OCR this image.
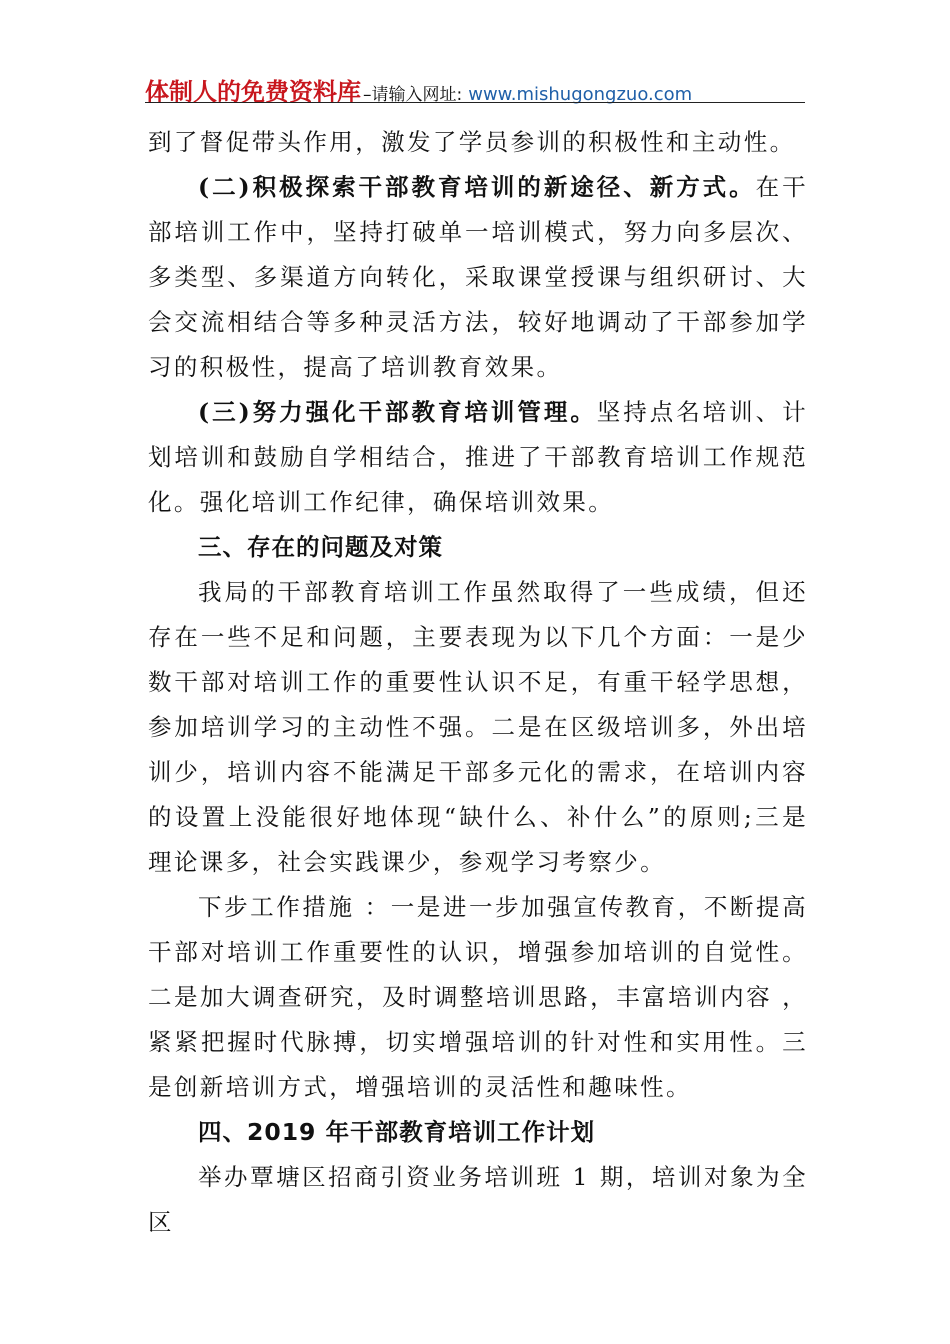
体制人的免费资料库 –请输入网址: www.mishugongzuo.com

到了督促带头作用，激发了学员参训的积极性和主动性。

(二)积极探索干部教育培训的新途径、新方式。在干部培训工作中，坚持打破单一培训模式，努力向多层次、多类型、多渠道方向转化，采取课堂授课与组织研讨、大会交流相结合等多种灵活方法，较好地调动了干部参加学习的积极性，提高了培训教育效果。

(三)努力强化干部教育培训管理。坚持点名培训、计划培训和鼓励自学相结合，推进了干部教育培训工作规范化。强化培训工作纪律，确保培训效果。

三、存在的问题及对策

我局的干部教育培训工作虽然取得了一些成绩，但还存在一些不足和问题，主要表现为以下几个方面：一是少数干部对培训工作的重要性认识不足，有重干轻学思想，参加培训学习的主动性不强。二是在区级培训多，外出培训少，培训内容不能满足干部多元化的需求，在培训内容的设置上没能很好地体现“缺什么、补什么”的原则;三是理论课多，社会实践课少，参观学习考察少。

下步工作措施 ：一是进一步加强宣传教育，不断提高干部对培训工作重要性的认识，增强参加培训的自觉性。二是加大调查研究，及时调整培训思路，丰富培训内容 ，紧紧把握时代脉搏，切实增强培训的针对性和实用性。三是创新培训方式，增强培训的灵活性和趣味性。

四、2019 年干部教育培训工作计划

举办覃塘区招商引资业务培训班 1 期，培训对象为全区
